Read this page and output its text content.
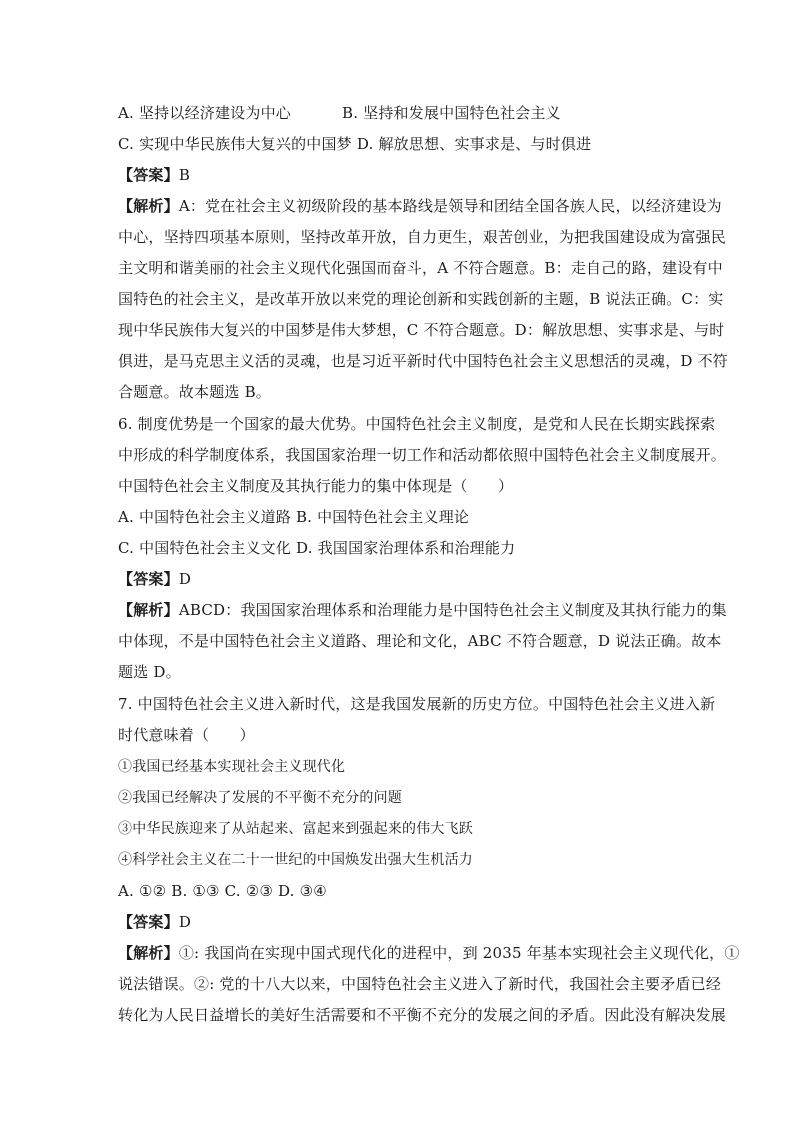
A. 坚持以经济建设为中心	B. 坚持和发展中国特色社会主义
C. 实现中华民族伟大复兴的中国梦 D. 解放思想、实事求是、与时俱进
【答案】B
【解析】A：党在社会主义初级阶段的基本路线是领导和团结全国各族人民，以经济建设为
中心，坚持四项基本原则，坚持改革开放，自力更生，艰苦创业，为把我国建设成为富强民
主文明和谐美丽的社会主义现代化强国而奋斗，A 不符合题意。B：走自己的路，建设有中
国特色的社会主义，是改革开放以来党的理论创新和实践创新的主题，B 说法正确。C：实
现中华民族伟大复兴的中国梦是伟大梦想，C 不符合题意。D：解放思想、实事求是、与时
俱进，是马克思主义活的灵魂，也是习近平新时代中国特色社会主义思想活的灵魂，D 不符
合题意。故本题选 B。
6. 制度优势是一个国家的最大优势。中国特色社会主义制度，是党和人民在长期实践探索
中形成的科学制度体系，我国国家治理一切工作和活动都依照中国特色社会主义制度展开。
中国特色社会主义制度及其执行能力的集中体现是（　　）
A. 中国特色社会主义道路 B. 中国特色社会主义理论
C. 中国特色社会主义文化 D. 我国国家治理体系和治理能力
【答案】D
【解析】ABCD：我国国家治理体系和治理能力是中国特色社会主义制度及其执行能力的集
中体现，不是中国特色社会主义道路、理论和文化，ABC 不符合题意，D 说法正确。故本
题选 D。
7. 中国特色社会主义进入新时代，这是我国发展新的历史方位。中国特色社会主义进入新
时代意味着（　　）
①我国已经基本实现社会主义现代化
②我国已经解决了发展的不平衡不充分的问题
③中华民族迎来了从站起来、富起来到强起来的伟大飞跃
④科学社会主义在二十一世纪的中国焕发出强大生机活力
A. ①② B. ①③ C. ②③ D. ③④
【答案】D
【解析】①: 我国尚在实现中国式现代化的进程中，到 2035 年基本实现社会主义现代化，①
说法错误。②: 党的十八大以来，中国特色社会主义进入了新时代，我国社会主要矛盾已经
转化为人民日益增长的美好生活需要和不平衡不充分的发展之间的矛盾。因此没有解决发展
